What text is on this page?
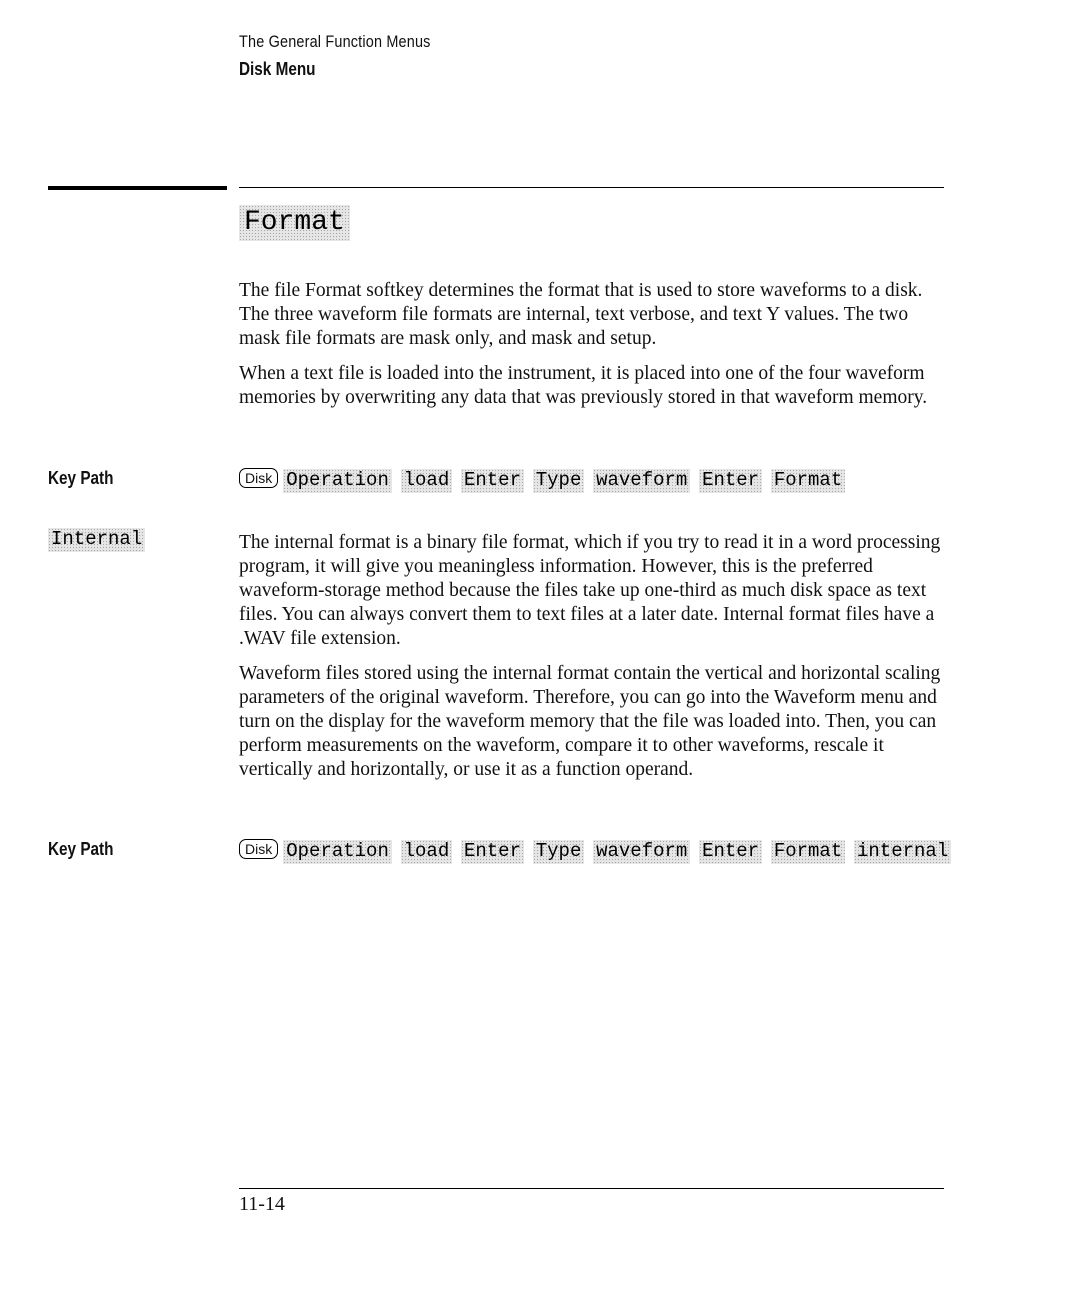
The General Function Menus
Disk Menu
Format

The file Format softkey determines the format that is used to store waveforms to a disk. The three waveform file formats are internal, text verbose, and text Y values. The two mask file formats are mask only, and mask and setup.

When a text file is loaded into the instrument, it is placed into one of the four waveform memories by overwriting any data that was previously stored in that waveform memory.

Key Path	Disk Operation load Enter Type waveform Enter Format
Internal	The internal format is a binary file format, which if you try to read it in a word processing program, it will give you meaningless information. However, this is the preferred waveform-storage method because the files take up one-third as much disk space as text files. You can always convert them to text files at a later date. Internal format files have a .WAV file extension.

Waveform files stored using the internal format contain the vertical and horizontal scaling parameters of the original waveform. Therefore, you can go into the Waveform menu and turn on the display for the waveform memory that the file was loaded into. Then, you can perform measurements on the waveform, compare it to other waveforms, rescale it vertically and horizontally, or use it as a function operand.

Key Path	Disk Operation load Enter Type waveform Enter Format internal
11-14
